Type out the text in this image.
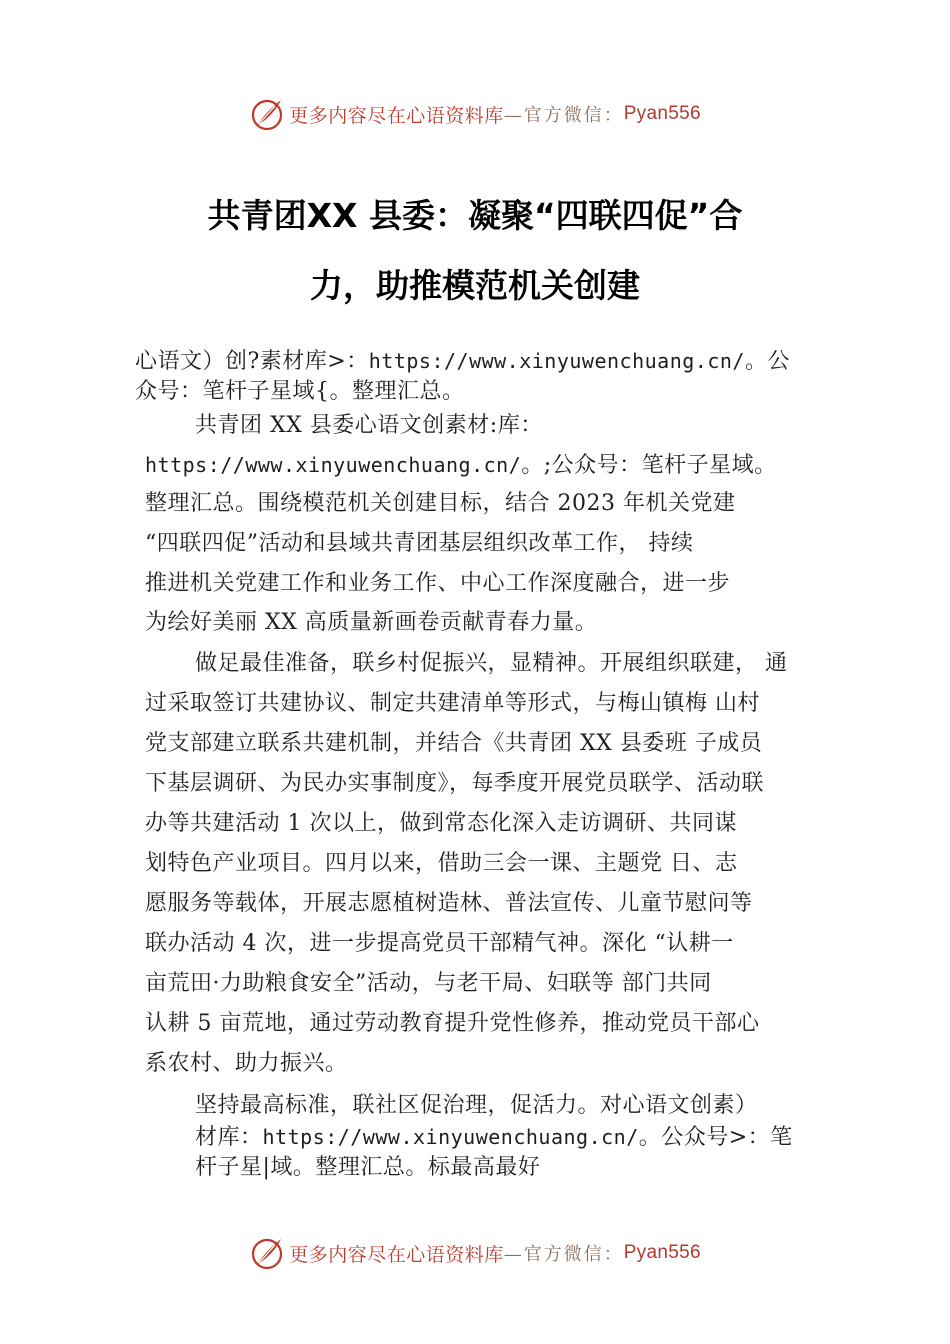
更多内容尽在心语资料库 —官方微信： Pyan556
共青团XX 县委：凝聚“四联四促”合
力，助推模范机关创建
心语文）创?素材库>：https://www.xinyuwenchuang.cn/。公
众号：笔杆子星域{。整理汇总。
共青团 XX 县委心语文创素材:库：
https://www.xinyuwenchuang.cn/。;公众号：笔杆子星域。
整理汇总。围绕模范机关创建目标，结合 2023 年机关党建
“四联四促”活动和县域共青团基层组织改革工作， 持续
推进机关党建工作和业务工作、中心工作深度融合，进一步
为绘好美丽 XX 高质量新画卷贡献青春力量。
做足最佳准备，联乡村促振兴，显精神。开展组织联建， 通
过采取签订共建协议、制定共建清单等形式，与梅山镇梅 山村
党支部建立联系共建机制，并结合《共青团 XX 县委班 子成员
下基层调研、为民办实事制度》，每季度开展党员联学、活动联
办等共建活动 1 次以上，做到常态化深入走访调研、共同谋
划特色产业项目。四月以来，借助三会一课、主题党 日、志
愿服务等载体，开展志愿植树造林、普法宣传、儿童节慰问等
联办活动 4 次，进一步提高党员干部精气神。深化 “认耕一
亩荒田·力助粮食安全”活动，与老干局、妇联等 部门共同
认耕 5 亩荒地，通过劳动教育提升党性修养，推动党员干部心
系农村、助力振兴。
坚持最高标准，联社区促治理，促活力。对心语文创素）
材库：https://www.xinyuwenchuang.cn/。公众号>：笔
杆子星|域。整理汇总。标最高最好
更多内容尽在心语资料库 —官方微信： Pyan556
